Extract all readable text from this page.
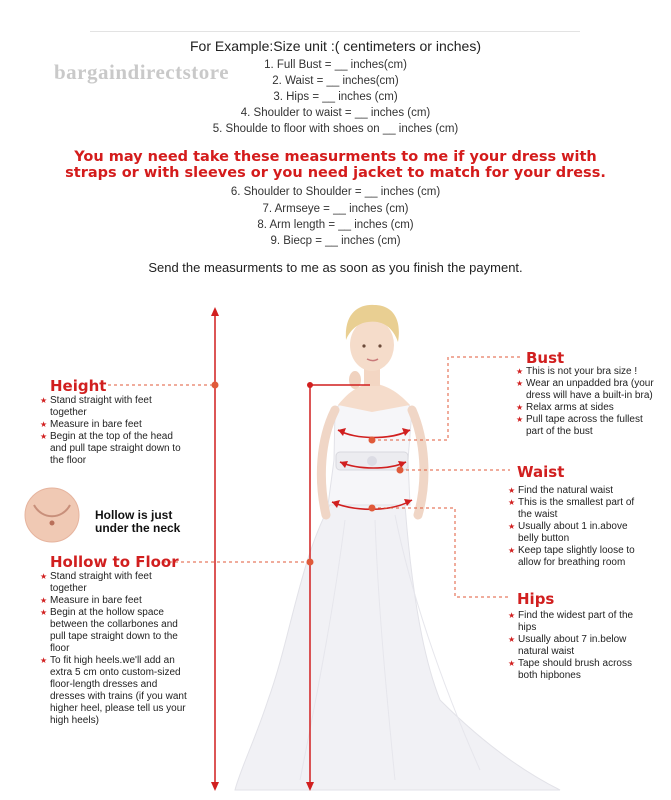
For Example:Size unit :( centimeters or inches)
1. Full Bust = __ inches(cm)
2. Waist = __ inches(cm)
3. Hips = __ inches (cm)
4. Shoulder to waist = __ inches (cm)
5. Shoulde to floor with shoes on __ inches (cm)
bargaindirectstore
You may need take these measurments to me if your dress with
straps or with sleeves or you need jacket to match for your dress.
6. Shoulder to Shoulder = __ inches (cm)
7. Armseye = __ inches (cm)
8. Arm length = __ inches (cm)
9. Biecp = __ inches (cm)
Send the measurments to me as soon as you finish the payment.
Height
★ Stand straight with feet together
★ Measure in bare feet
★ Begin at the top of the head and pull tape straight down to the floor
Hollow is just
under the neck
Hollow to Floor
★ Stand straight with feet together
★ Measure in bare feet
★ Begin at the hollow space between the collarbones and pull tape straight down to the floor
★ To fit high heels.we'll add an extra 5 cm onto custom-sized floor-length dresses and dresses with trains (if you want higher heel, please tell us your high heels)
Bust
★ This is not your bra size !
★ Wear an unpadded bra (your dress will have a built-in bra)
★ Relax arms at sides
★ Pull tape across the fullest part of the bust
Waist
★ Find the natural waist
★ This is the smallest part of the waist
★ Usually about 1 in.above belly button
★ Keep tape slightly loose to allow for breathing room
Hips
★ Find the widest part of the hips
★ Usually about 7 in.below natural waist
★ Tape should brush across both hipbones
